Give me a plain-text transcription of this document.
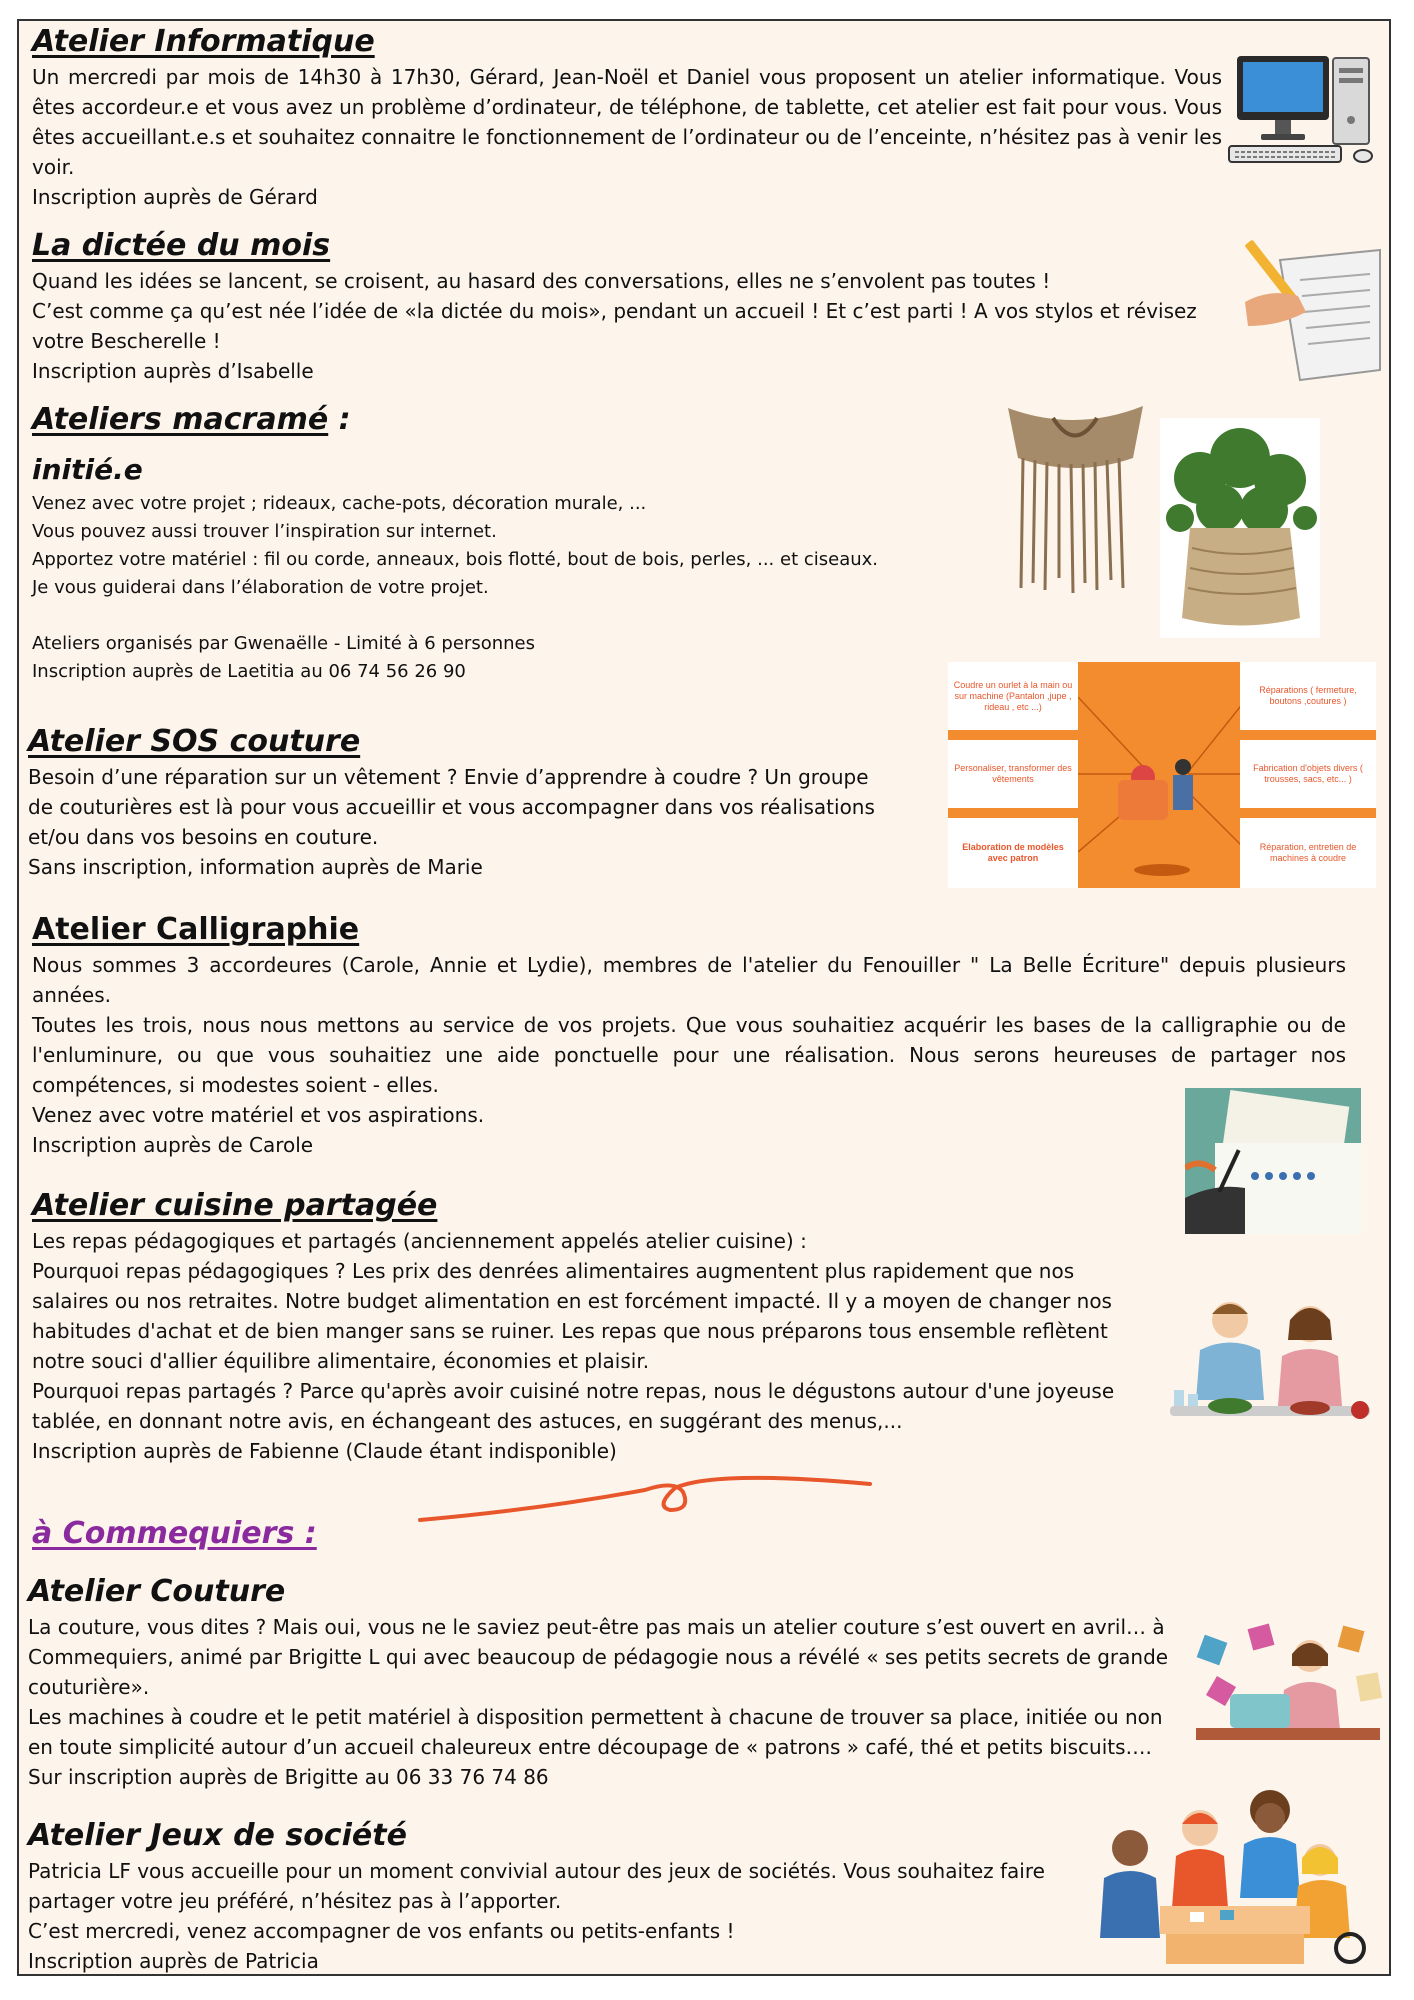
Atelier Informatique

Un mercredi par mois de 14h30 à 17h30, Gérard, Jean-Noël et Daniel vous proposent un atelier informatique. Vous êtes accordeur.e et vous avez un problème d’ordinateur, de téléphone, de tablette, cet atelier est fait pour vous. Vous êtes accueillant.e.s et souhaitez connaitre le fonctionnement de l’ordinateur ou de l’enceinte, n’hésitez pas à venir les voir.

Inscription auprès de Gérard

La dictée du mois

Quand les idées se lancent, se croisent, au hasard des conversations, elles ne s’envolent pas toutes !

C’est comme ça qu’est née l’idée de «la dictée du mois», pendant un accueil ! Et c’est parti ! A vos stylos et révisez votre Bescherelle !

Inscription auprès d’Isabelle

Ateliers macramé :
initié.e

Venez avec votre projet ; rideaux, cache-pots, décoration murale, ...

Vous pouvez aussi trouver l’inspiration sur internet.

Apportez votre matériel : fil ou corde, anneaux, bois flotté, bout de bois, perles, ... et ciseaux.

Je vous guiderai dans l’élaboration de votre projet.

Ateliers organisés par Gwenaëlle - Limité à 6 personnes

Inscription auprès de Laetitia au 06 74 56 26 90

Atelier SOS couture

Besoin d’une réparation sur un vêtement ? Envie d’apprendre à coudre ? Un groupe de couturières est là pour vous accueillir et vous accompagner dans vos réalisations et/ou dans vos besoins en couture.

Sans inscription, information auprès de Marie

Coudre un ourlet à la main ou sur machine (Pantalon ,jupe , rideau , etc ...)
Personaliser, transformer des vêtements
Elaboration de modèles avec patron
Réparations ( fermeture, boutons ,coutures )
Fabrication d'objets divers ( trousses, sacs, etc... )
Réparation, entretien de machines à coudre
Atelier Calligraphie

Nous sommes 3 accordeures (Carole, Annie et Lydie), membres de l'atelier du Fenouiller " La Belle Écriture" depuis plusieurs années.

Toutes les trois, nous nous mettons au service de vos projets. Que vous souhaitiez acquérir les bases de la calligraphie ou de l'enluminure, ou que vous souhaitiez une aide ponctuelle pour une réalisation. Nous serons heureuses de partager nos compétences, si modestes soient - elles.

Venez avec votre matériel et vos aspirations.

Inscription auprès de Carole

Atelier cuisine partagée

Les repas pédagogiques et partagés (anciennement appelés atelier cuisine) :

Pourquoi repas pédagogiques ? Les prix des denrées alimentaires augmentent plus rapidement que nos salaires ou nos retraites. Notre budget alimentation en est forcément impacté. Il y a moyen de changer nos habitudes d'achat et de bien manger sans se ruiner. Les repas que nous préparons tous ensemble reflètent notre souci d'allier équilibre alimentaire, économies et plaisir.

Pourquoi repas partagés ? Parce qu'après avoir cuisiné notre repas, nous le dégustons autour d'une joyeuse tablée, en donnant notre avis, en échangeant des astuces, en suggérant des menus,...

Inscription auprès de Fabienne (Claude étant indisponible)

à Commequiers :
Atelier Couture

La couture, vous dites ? Mais oui, vous ne le saviez peut-être pas mais un atelier couture s’est ouvert en avril… à Commequiers, animé par Brigitte L qui avec beaucoup de pédagogie nous a révélé « ses petits secrets de grande couturière».

Les machines à coudre et le petit matériel à disposition permettent à chacune de trouver sa place, initiée ou non en toute simplicité autour d’un accueil chaleureux entre découpage de « patrons » café, thé et petits biscuits….

Sur inscription auprès de Brigitte au 06 33 76 74 86

Atelier Jeux de société

Patricia LF vous accueille pour un moment convivial autour des jeux de sociétés. Vous souhaitez faire partager votre jeu préféré, n’hésitez pas à l’apporter.

C’est mercredi, venez accompagner de vos enfants ou petits-enfants !

Inscription auprès de Patricia
